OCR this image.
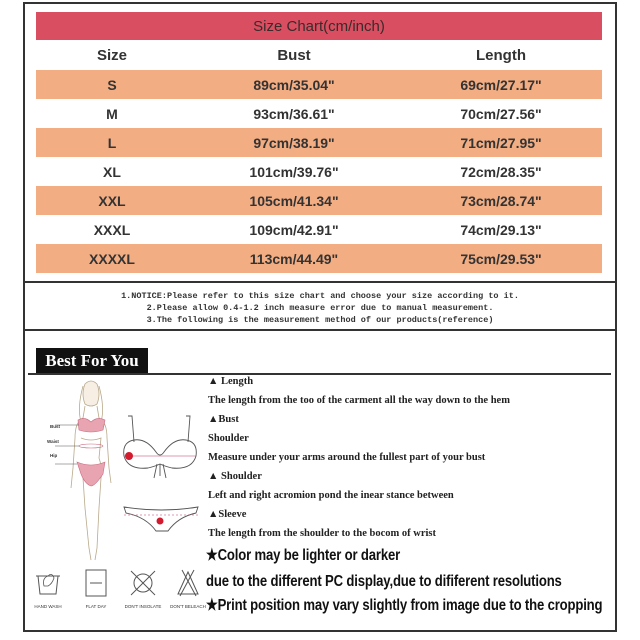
Size Chart(cm/inch)
Size	Bust	Length
S	89cm/35.04"	69cm/27.17"
M	93cm/36.61"	70cm/27.56"
L	97cm/38.19"	71cm/27.95"
XL	101cm/39.76"	72cm/28.35"
XXL	105cm/41.34"	73cm/28.74"
XXXL	109cm/42.91"	74cm/29.13"
XXXXL	113cm/44.49"	75cm/29.53"
1.NOTICE:Please refer to this size chart and choose your size according to it.
2.Please allow 0.4-1.2 inch measure error due to manual measurement.
3.The following is the measurement method of our products(reference)
Best For You
Bust
Waist
Hip
▲ Length
The length from the too of the carment all the way down to the hem
▲Bust
Shoulder
Measure under your arms around the fullest part of your bust
▲ Shoulder
Left and right acromion pond the inear stance between
▲Sleeve
The length from the shoulder to the bocom of wrist
★Color may be lighter or darker
due to the different PC display,due to dififerent resolutions
★Print position may vary slightly from image due to the cropping
HAND WASH	FLAT DAY	DON'T INSOLATE	DON'T BELEACH
